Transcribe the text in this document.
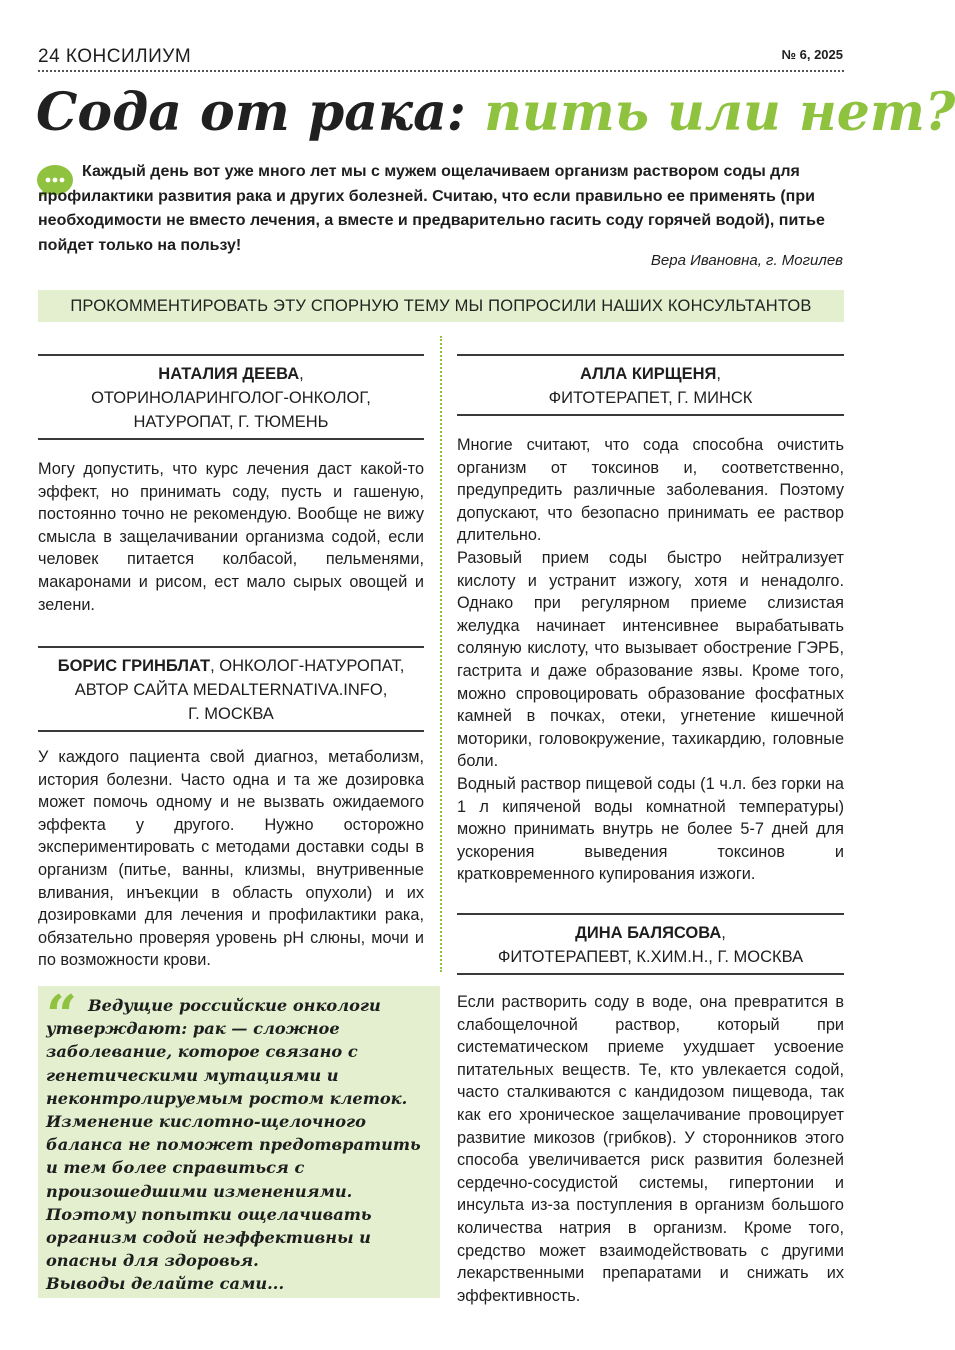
24 КОНСИЛИУМ	№ 6, 2025
Сода от рака: пить или нет?
Каждый день вот уже много лет мы с мужем ощелачиваем организм раствором соды для профилактики развития рака и других болезней. Считаю, что если правильно ее применять (при необходимости не вместо лечения, а вместе и предварительно гасить соду горячей водой), питье пойдет только на пользу!
Вера Ивановна, г. Могилев
ПРОКОММЕНТИРОВАТЬ ЭТУ СПОРНУЮ ТЕМУ МЫ ПОПРОСИЛИ НАШИХ КОНСУЛЬТАНТОВ
НАТАЛИЯ ДЕЕВА,
ОТОРИНОЛАРИНГОЛОГ-ОНКОЛОГ,
НАТУРОПАТ, Г. ТЮМЕНЬ
Могу допустить, что курс лечения даст какой-то эффект, но принимать соду, пусть и гашеную, постоянно точно не рекомендую. Вообще не вижу смысла в защелачивании организма содой, если человек питается колбасой, пельменями, макаронами и рисом, ест мало сырых овощей и зелени.
БОРИС ГРИНБЛАТ, ОНКОЛОГ-НАТУРОПАТ,
АВТОР САЙТА MEDALTERNATIVA.INFO,
Г. МОСКВА
У каждого пациента свой диагноз, метаболизм, история болезни. Часто одна и та же дозировка может помочь одному и не вызвать ожидаемого эффекта у другого. Нужно осторожно экспериментировать с методами доставки соды в организм (питье, ванны, клизмы, внутривенные вливания, инъекции в область опухоли) и их дозировками для лечения и профилактики рака, обязательно проверяя уровень pH слюны, мочи и по возможности крови.
“ Ведущие российские онкологи утверждают: рак — сложное заболевание, которое связано с генетическими мутациями и неконтролируемым ростом клеток. Изменение кислотно-щелочного баланса не поможет предотвратить и тем более справиться с произошедшими изменениями. Поэтому попытки ощелачивать организм содой неэффективны и опасны для здоровья.
Выводы делайте сами...
АЛЛА КИРЩЕНЯ,
ФИТОТЕРАПЕТ, Г. МИНСК
Многие считают, что сода способна очистить организм от токсинов и, соответственно, предупредить различные заболевания. Поэтому допускают, что безопасно принимать ее раствор длительно.
Разовый прием соды быстро нейтрализует кислоту и устранит изжогу, хотя и ненадолго. Однако при регулярном приеме слизистая желудка начинает интенсивнее вырабатывать соляную кислоту, что вызывает обострение ГЭРБ, гастрита и даже образование язвы. Кроме того, можно спровоцировать образование фосфатных камней в почках, отеки, угнетение кишечной моторики, головокружение, тахикардию, головные боли.
Водный раствор пищевой соды (1 ч.л. без горки на 1 л кипяченой воды комнатной температуры) можно принимать внутрь не более 5-7 дней для ускорения выведения токсинов и кратковременного купирования изжоги.
ДИНА БАЛЯСОВА,
ФИТОТЕРАПЕВТ, К.ХИМ.Н., Г. МОСКВА
Если растворить соду в воде, она превратится в слабощелочной раствор, который при систематическом приеме ухудшает усвоение питательных веществ. Те, кто увлекается содой, часто сталкиваются с кандидозом пищевода, так как его хроническое защелачивание провоцирует развитие микозов (грибков). У сторонников этого способа увеличивается риск развития болезней сердечно-сосудистой системы, гипертонии и инсульта из-за поступления в организм большого количества натрия в организм. Кроме того, средство может взаимодействовать с другими лекарственными препаратами и снижать их эффективность.
